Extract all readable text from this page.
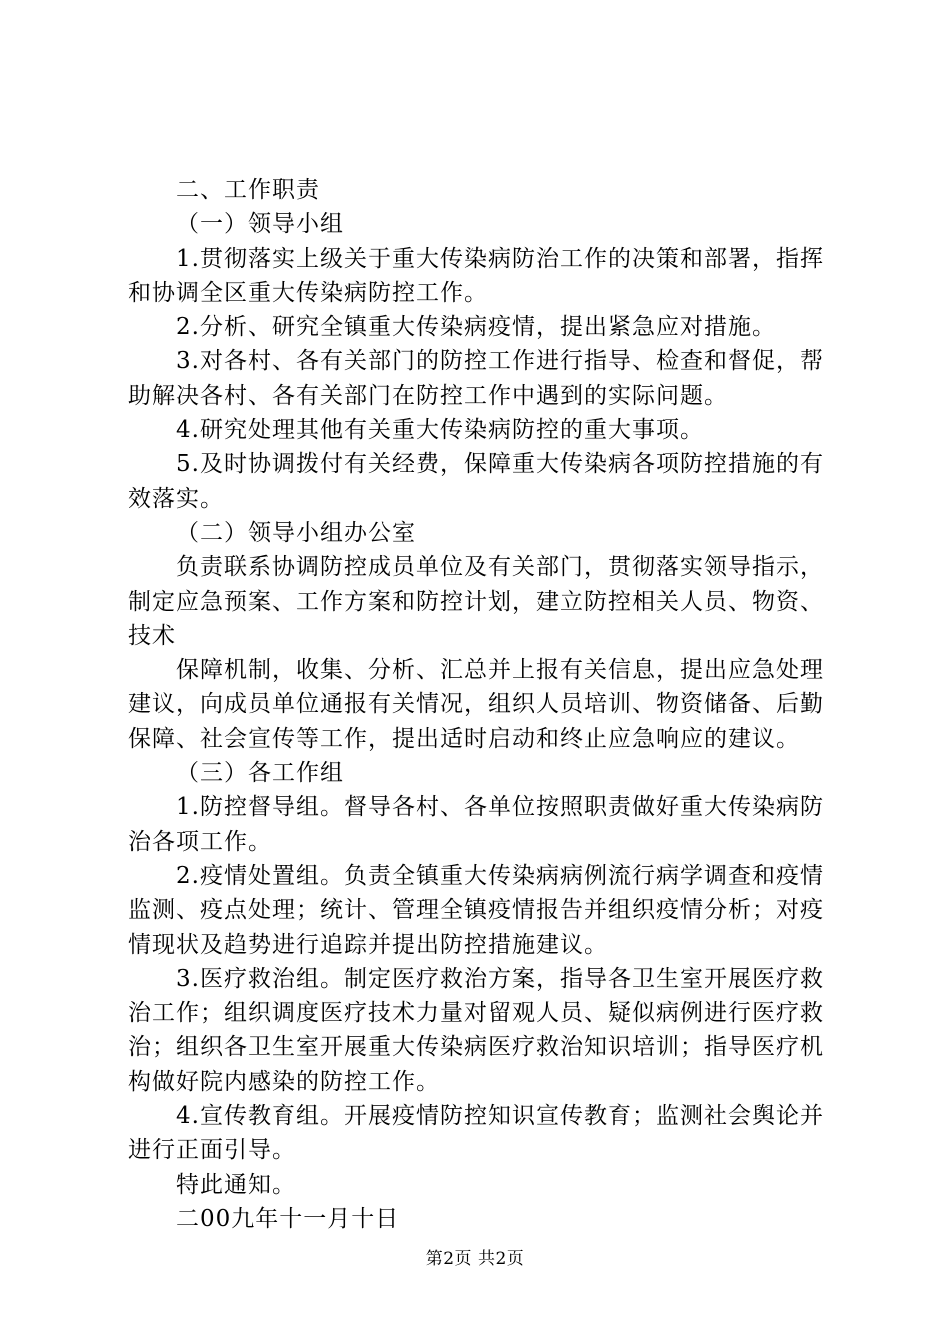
二、工作职责

（一）领导小组

1.贯彻落实上级关于重大传染病防治工作的决策和部署，指挥和协调全区重大传染病防控工作。

2.分析、研究全镇重大传染病疫情，提出紧急应对措施。

3.对各村、各有关部门的防控工作进行指导、检查和督促，帮助解决各村、各有关部门在防控工作中遇到的实际问题。

4.研究处理其他有关重大传染病防控的重大事项。

5.及时协调拨付有关经费，保障重大传染病各项防控措施的有效落实。

（二）领导小组办公室

负责联系协调防控成员单位及有关部门，贯彻落实领导指示，制定应急预案、工作方案和防控计划，建立防控相关人员、物资、技术

保障机制，收集、分析、汇总并上报有关信息，提出应急处理建议，向成员单位通报有关情况，组织人员培训、物资储备、后勤保障、社会宣传等工作，提出适时启动和终止应急响应的建议。

（三）各工作组

1.防控督导组。督导各村、各单位按照职责做好重大传染病防治各项工作。

2.疫情处置组。负责全镇重大传染病病例流行病学调查和疫情监测、疫点处理；统计、管理全镇疫情报告并组织疫情分析；对疫情现状及趋势进行追踪并提出防控措施建议。

3.医疗救治组。制定医疗救治方案，指导各卫生室开展医疗救治工作；组织调度医疗技术力量对留观人员、疑似病例进行医疗救治；组织各卫生室开展重大传染病医疗救治知识培训；指导医疗机构做好院内感染的防控工作。

4.宣传教育组。开展疫情防控知识宣传教育；监测社会舆论并进行正面引导。

特此通知。

二00九年十一月十日

第2页 共2页
